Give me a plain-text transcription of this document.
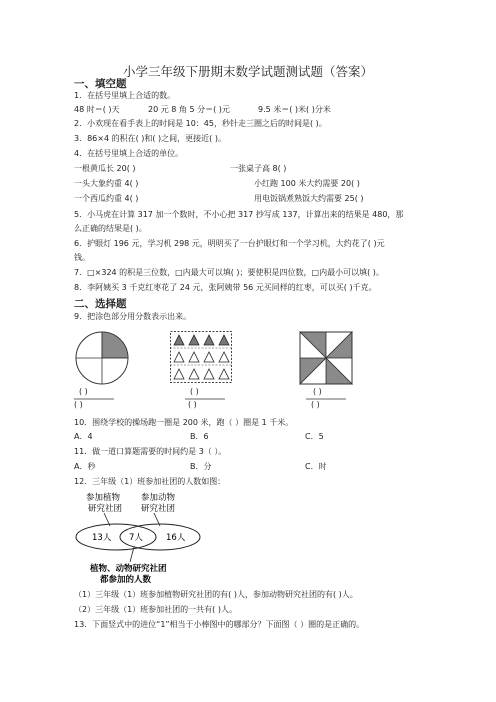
小学三年级下册期末数学试题测试题（答案）
一、填空题
1．在括号里填上合适的数。
48 时＝( )天	20 元 8 角 5 分＝( )元	9.5 米＝( )米( )分米
2．小欢现在看手表上的时间是 10：45，秒针走三圈之后的时间是( )。
3．86×4 的积在( )和( )之间，更接近( )。
4．在括号里填上合适的单位。
一根黄瓜长 20( )	一张桌子高 8( )
一头大象约重 4( )	小红跑 100 米大约需要 20( )
一个西瓜约重 4( )	用电饭锅煮熟饭大约需要 25( )
5．小马虎在计算 317 加一个数时，不小心把 317 抄写成 137，计算出来的结果是 480，那
么正确的结果是( )。
6．护眼灯 196 元，学习机 298 元，明明买了一台护眼灯和一个学习机，大约花了( )元
钱。
7．□×324 的积是三位数，□内最大可以填( )；要使积是四位数，□内最小可以填( )。
8．李阿姨买 3 千克红枣花了 24 元，张阿姨带 56 元买同样的红枣，可以买( )千克。
二、选择题
9．把涂色部分用分数表示出来。
( )
( )
( )
( )
( )
( )
10．围绕学校的操场跑一圈是 200 米，跑（ ）圈是 1 千米。
A．4	B．6	C．5
11．做一道口算题需要的时间约是 3（ ）。
A．秒	B．分	C．时
12．三年级（1）班参加社团的人数如图：
参加植物
研究社团
参加动物
研究社团
13人 7人	16人
植物、动物研究社团
都参加的人数
（1）三年级（1）班参加植物研究社团的有( )人，参加动物研究社团的有( )人。
（2）三年级（1）班参加社团的一共有( )人。
13．下面竖式中的进位“1”相当于小棒图中的哪部分？下面图（ ）圈的是正确的。
